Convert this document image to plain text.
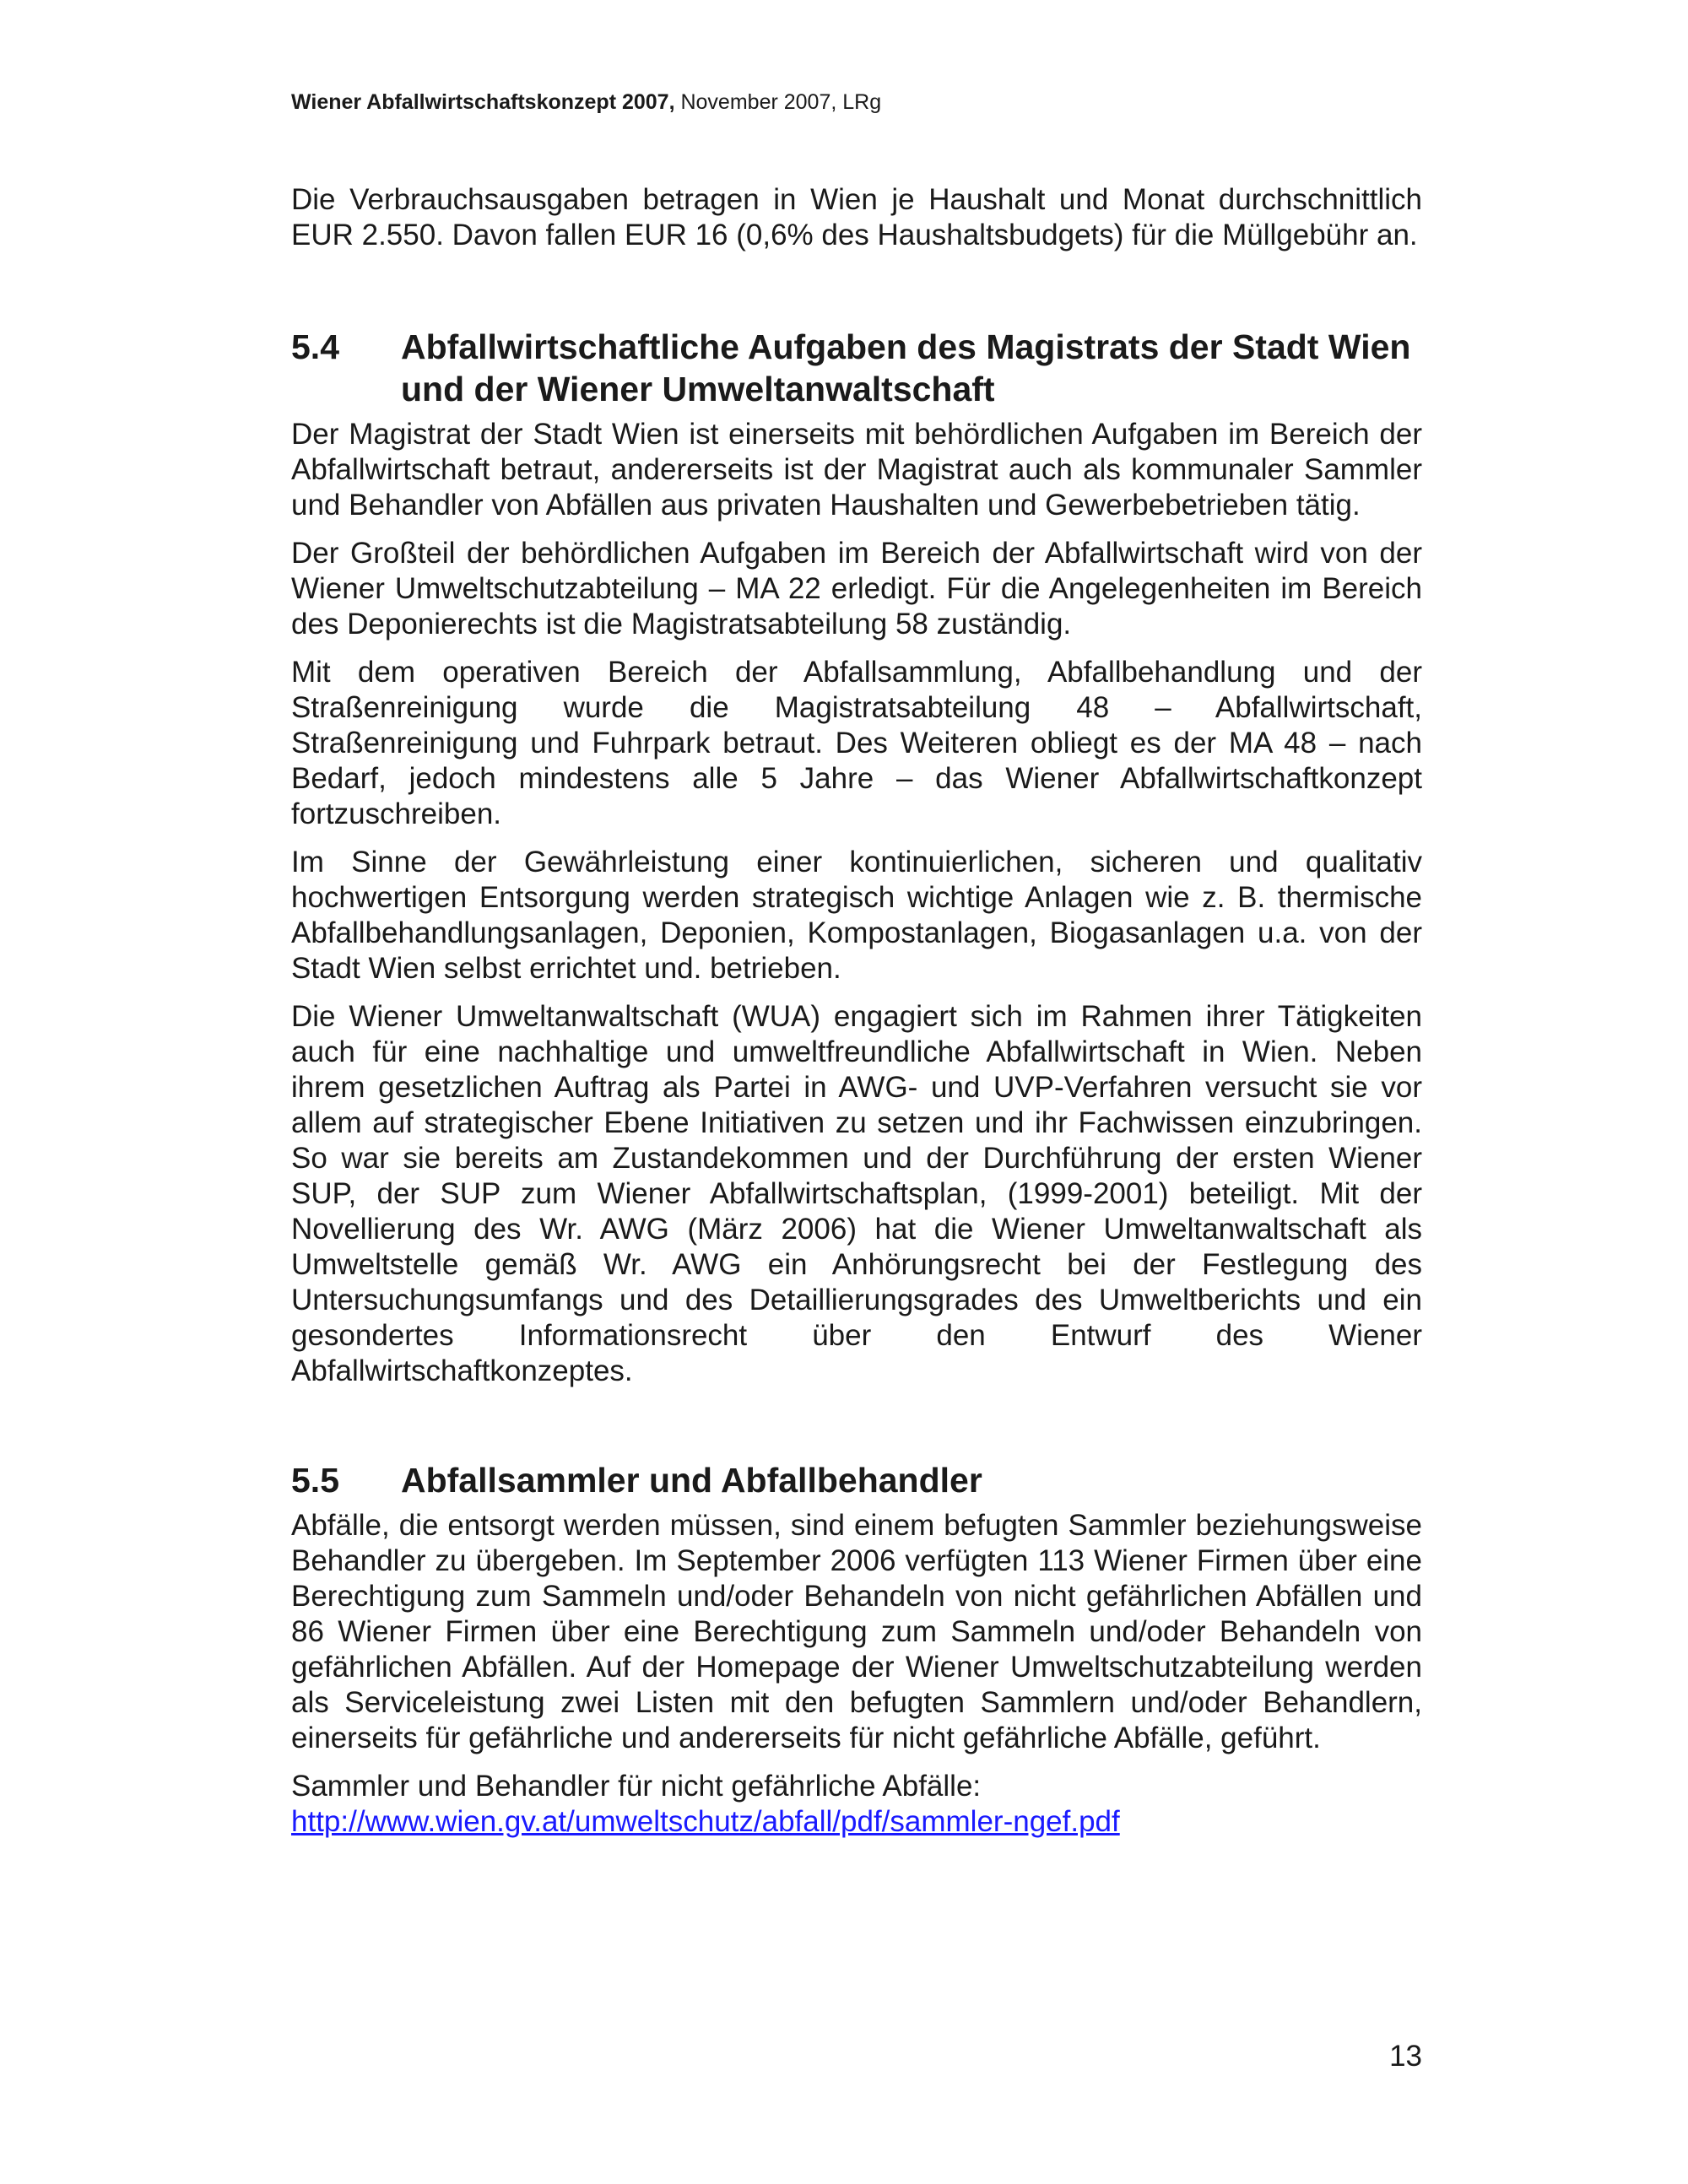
Wiener Abfallwirtschaftskonzept 2007, November 2007, LRg

Die Verbrauchsausgaben betragen in Wien je Haushalt und Monat durchschnittlich EUR 2.550. Davon fallen EUR 16 (0,6% des Haushaltsbudgets) für die Müllgebühr an.

5.4	Abfallwirtschaftliche Aufgaben des Magistrats der Stadt Wien und der Wiener Umweltanwaltschaft

Der Magistrat der Stadt Wien ist einerseits mit behördlichen Aufgaben im Bereich der Abfallwirtschaft betraut, andererseits ist der Magistrat auch als kommunaler Sammler und Behandler von Abfällen aus privaten Haushalten und Gewerbebetrieben tätig.

Der Großteil der behördlichen Aufgaben im Bereich der Abfallwirtschaft wird von der Wiener Umweltschutzabteilung – MA 22 erledigt. Für die Angelegenheiten im Bereich des Deponierechts ist die Magistratsabteilung 58 zuständig.

Mit dem operativen Bereich der Abfallsammlung, Abfallbehandlung und der Straßenreinigung wurde die Magistratsabteilung 48 – Abfallwirtschaft, Straßenreinigung und Fuhrpark betraut. Des Weiteren obliegt es der MA 48 – nach Bedarf, jedoch mindestens alle 5 Jahre – das Wiener Abfallwirtschaftkonzept fortzuschreiben.

Im Sinne der Gewährleistung einer kontinuierlichen, sicheren und qualitativ hochwertigen Entsorgung werden strategisch wichtige Anlagen wie z. B. thermische Abfallbehandlungsanlagen, Deponien, Kompostanlagen, Biogasanlagen u.a. von der Stadt Wien selbst errichtet und. betrieben.

Die Wiener Umweltanwaltschaft (WUA) engagiert sich im Rahmen ihrer Tätigkeiten auch für eine nachhaltige und umweltfreundliche Abfallwirtschaft in Wien. Neben ihrem gesetzlichen Auftrag als Partei in AWG- und UVP-Verfahren versucht sie vor allem auf strategischer Ebene Initiativen zu setzen und ihr Fachwissen einzubringen. So war sie bereits am Zustandekommen und der Durchführung der ersten Wiener SUP, der SUP zum Wiener Abfallwirtschaftsplan, (1999-2001) beteiligt. Mit der Novellierung des Wr. AWG (März 2006) hat die Wiener Umweltanwaltschaft als Umweltstelle gemäß Wr. AWG ein Anhörungsrecht bei der Festlegung des Untersuchungsumfangs und des Detaillierungsgrades des Umweltberichts und ein gesondertes Informationsrecht über den Entwurf des Wiener Abfallwirtschaftkonzeptes.

5.5	Abfallsammler und Abfallbehandler

Abfälle, die entsorgt werden müssen, sind einem befugten Sammler beziehungsweise Behandler zu übergeben. Im September 2006 verfügten 113 Wiener Firmen über eine Berechtigung zum Sammeln und/oder Behandeln von nicht gefährlichen Abfällen und 86 Wiener Firmen über eine Berechtigung zum Sammeln und/oder Behandeln von gefährlichen Abfällen. Auf der Homepage der Wiener Umweltschutzabteilung werden als Serviceleistung zwei Listen mit den befugten Sammlern und/oder Behandlern, einerseits für gefährliche und andererseits für nicht gefährliche Abfälle, geführt.

Sammler und Behandler für nicht gefährliche Abfälle:

http://www.wien.gv.at/umweltschutz/abfall/pdf/sammler-ngef.pdf

13
